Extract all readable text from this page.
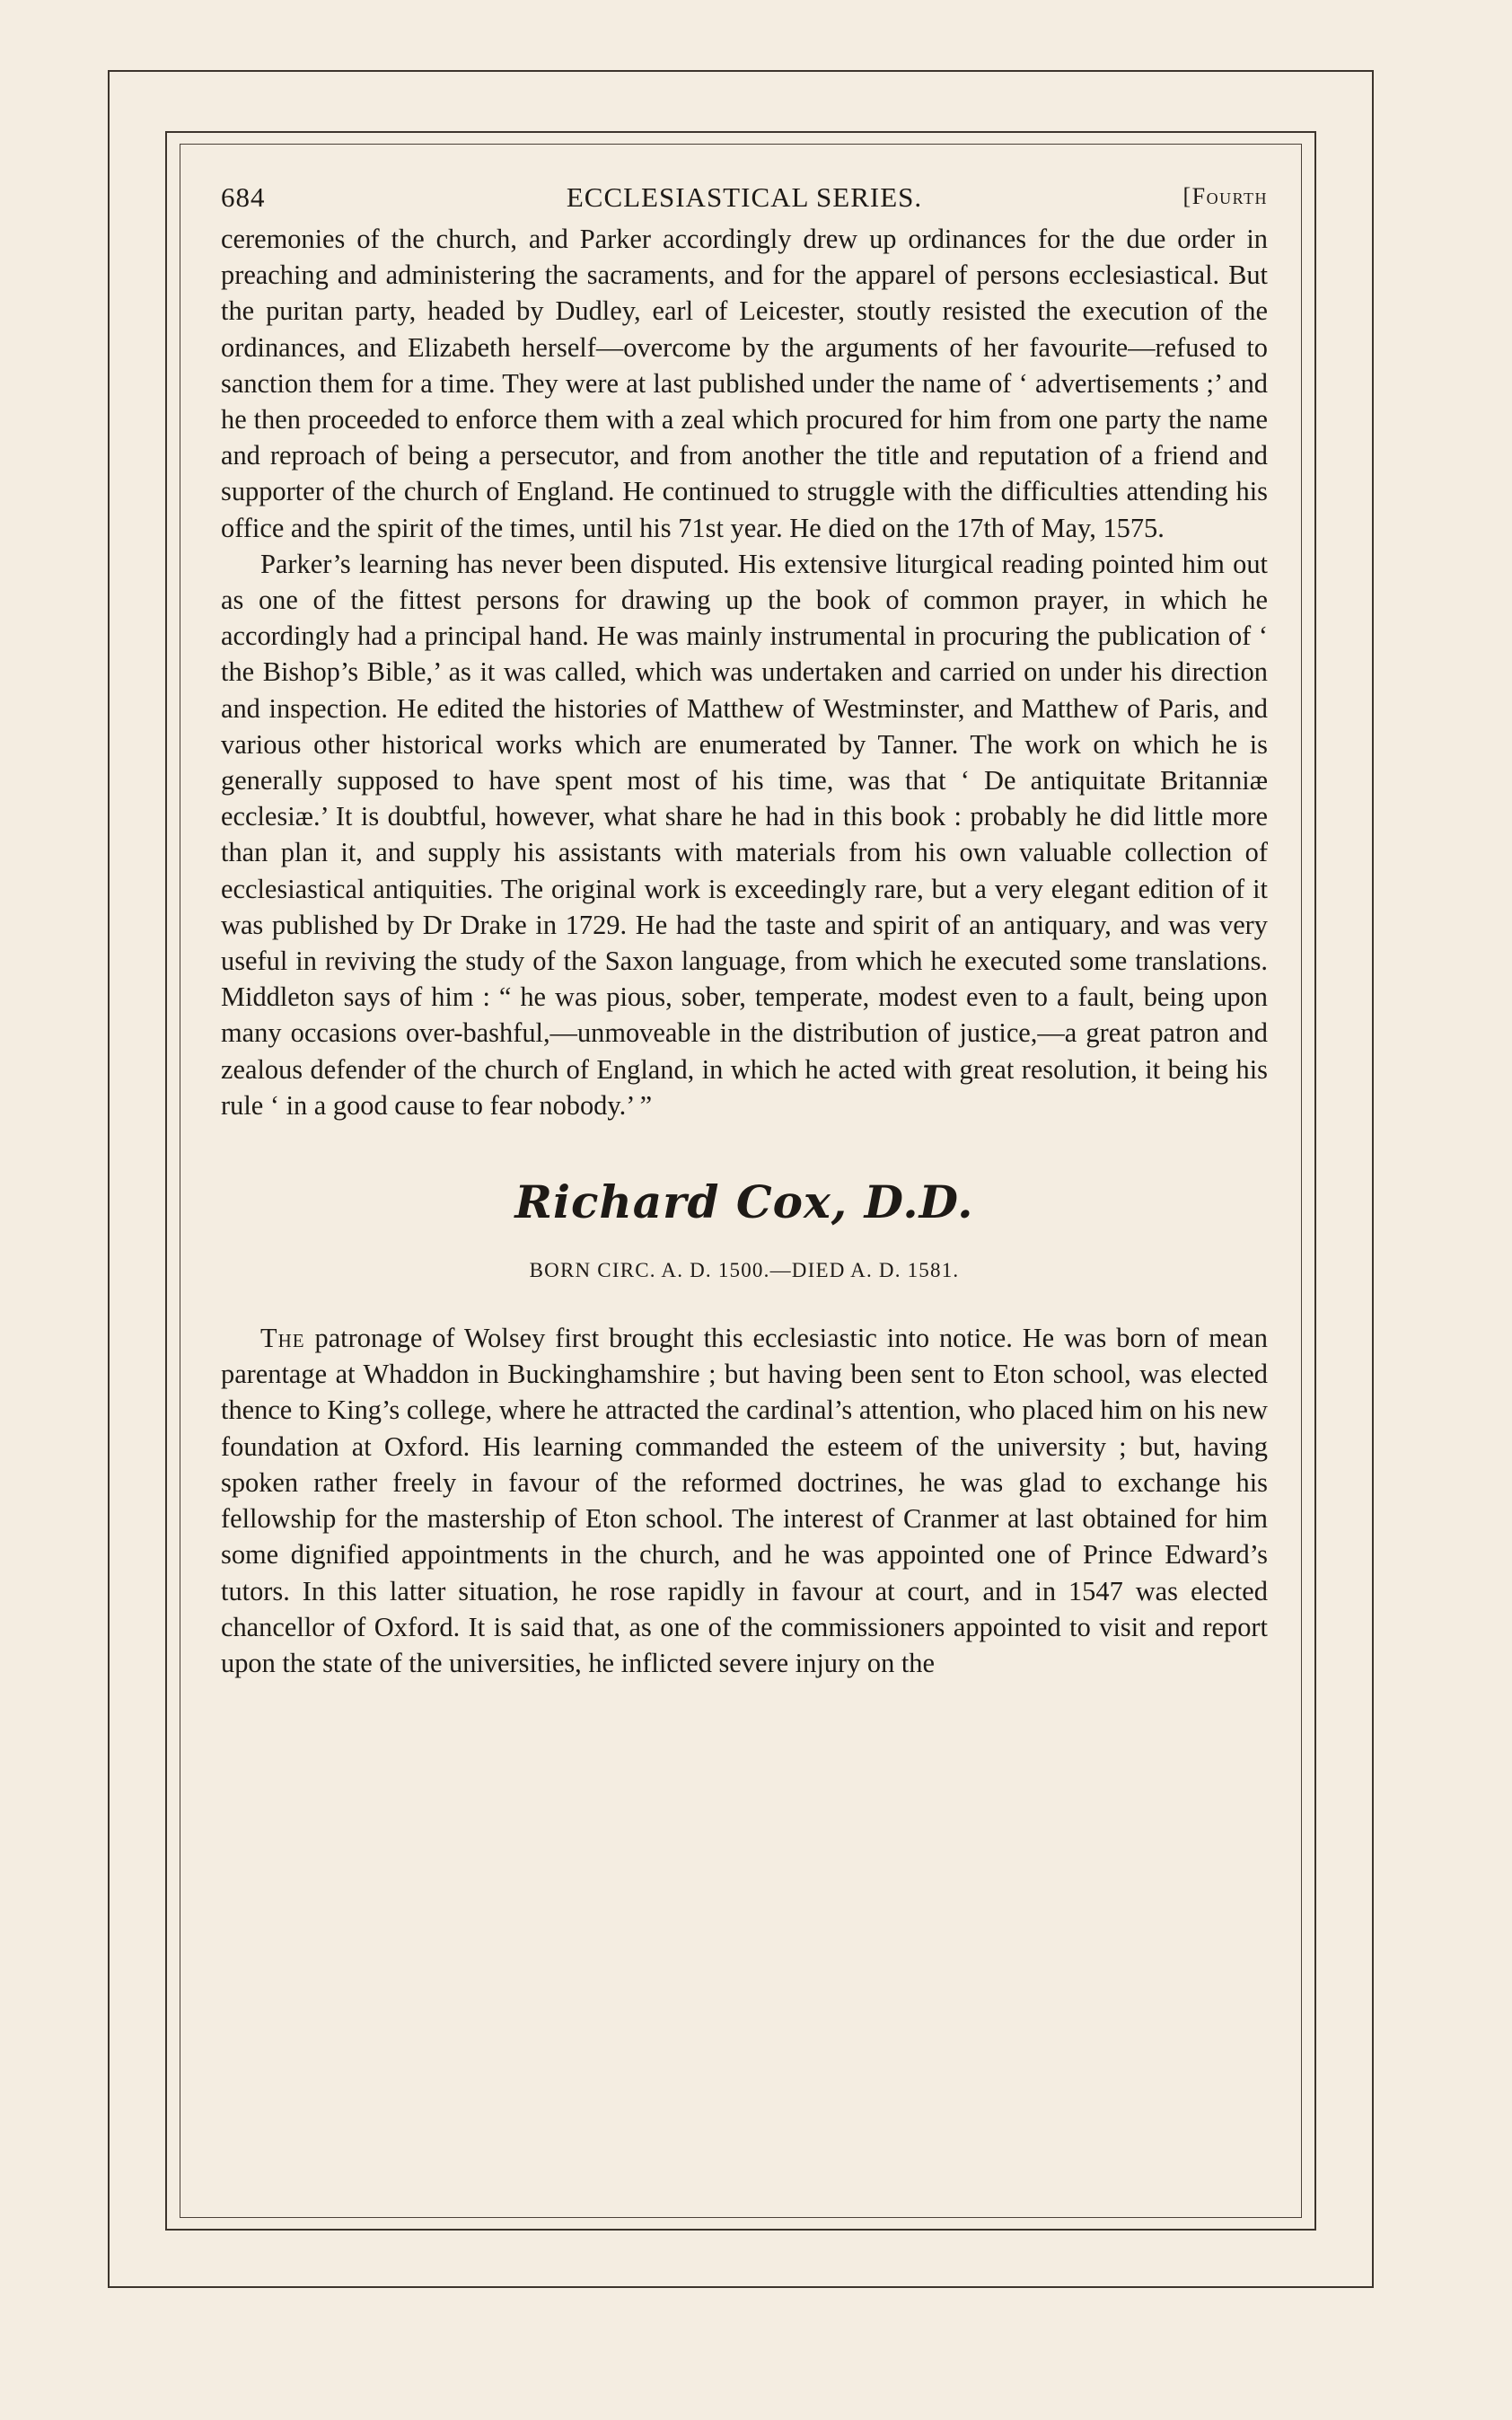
684	ECCLESIASTICAL SERIES.	[Fourth

ceremonies of the church, and Parker accordingly drew up ordinances for the due order in preaching and administering the sacraments, and for the apparel of persons ecclesiastical. But the puritan party, headed by Dudley, earl of Leicester, stoutly resisted the execution of the ordinances, and Elizabeth herself—overcome by the arguments of her favourite—refused to sanction them for a time. They were at last published under the name of ‘ advertisements ;’ and he then proceeded to enforce them with a zeal which procured for him from one party the name and reproach of being a persecutor, and from another the title and reputation of a friend and supporter of the church of England. He continued to struggle with the difficulties attending his office and the spirit of the times, until his 71st year. He died on the 17th of May, 1575.

Parker’s learning has never been disputed. His extensive liturgical reading pointed him out as one of the fittest persons for drawing up the book of common prayer, in which he accordingly had a principal hand. He was mainly instrumental in procuring the publication of ‘ the Bishop’s Bible,’ as it was called, which was undertaken and carried on under his direction and inspection. He edited the histories of Matthew of Westminster, and Matthew of Paris, and various other historical works which are enumerated by Tanner. The work on which he is generally supposed to have spent most of his time, was that ‘ De antiquitate Britanniæ ecclesiæ.’ It is doubtful, however, what share he had in this book : probably he did little more than plan it, and supply his assistants with materials from his own valuable collection of ecclesiastical antiquities. The original work is exceedingly rare, but a very elegant edition of it was published by Dr Drake in 1729. He had the taste and spirit of an antiquary, and was very useful in reviving the study of the Saxon language, from which he executed some translations. Middleton says of him : “ he was pious, sober, temperate, modest even to a fault, being upon many occasions over-bashful,—unmoveable in the distribution of justice,—a great patron and zealous defender of the church of England, in which he acted with great resolution, it being his rule ‘ in a good cause to fear nobody.’ ”

Richard Cox, D.D.
BORN CIRC. A. D. 1500.—DIED A. D. 1581.

The patronage of Wolsey first brought this ecclesiastic into notice. He was born of mean parentage at Whaddon in Buckinghamshire ; but having been sent to Eton school, was elected thence to King’s college, where he attracted the cardinal’s attention, who placed him on his new foundation at Oxford. His learning commanded the esteem of the university ; but, having spoken rather freely in favour of the reformed doctrines, he was glad to exchange his fellowship for the mastership of Eton school. The interest of Cranmer at last obtained for him some dignified appointments in the church, and he was appointed one of Prince Edward’s tutors. In this latter situation, he rose rapidly in favour at court, and in 1547 was elected chancellor of Oxford. It is said that, as one of the commissioners appointed to visit and report upon the state of the universities, he inflicted severe injury on the
